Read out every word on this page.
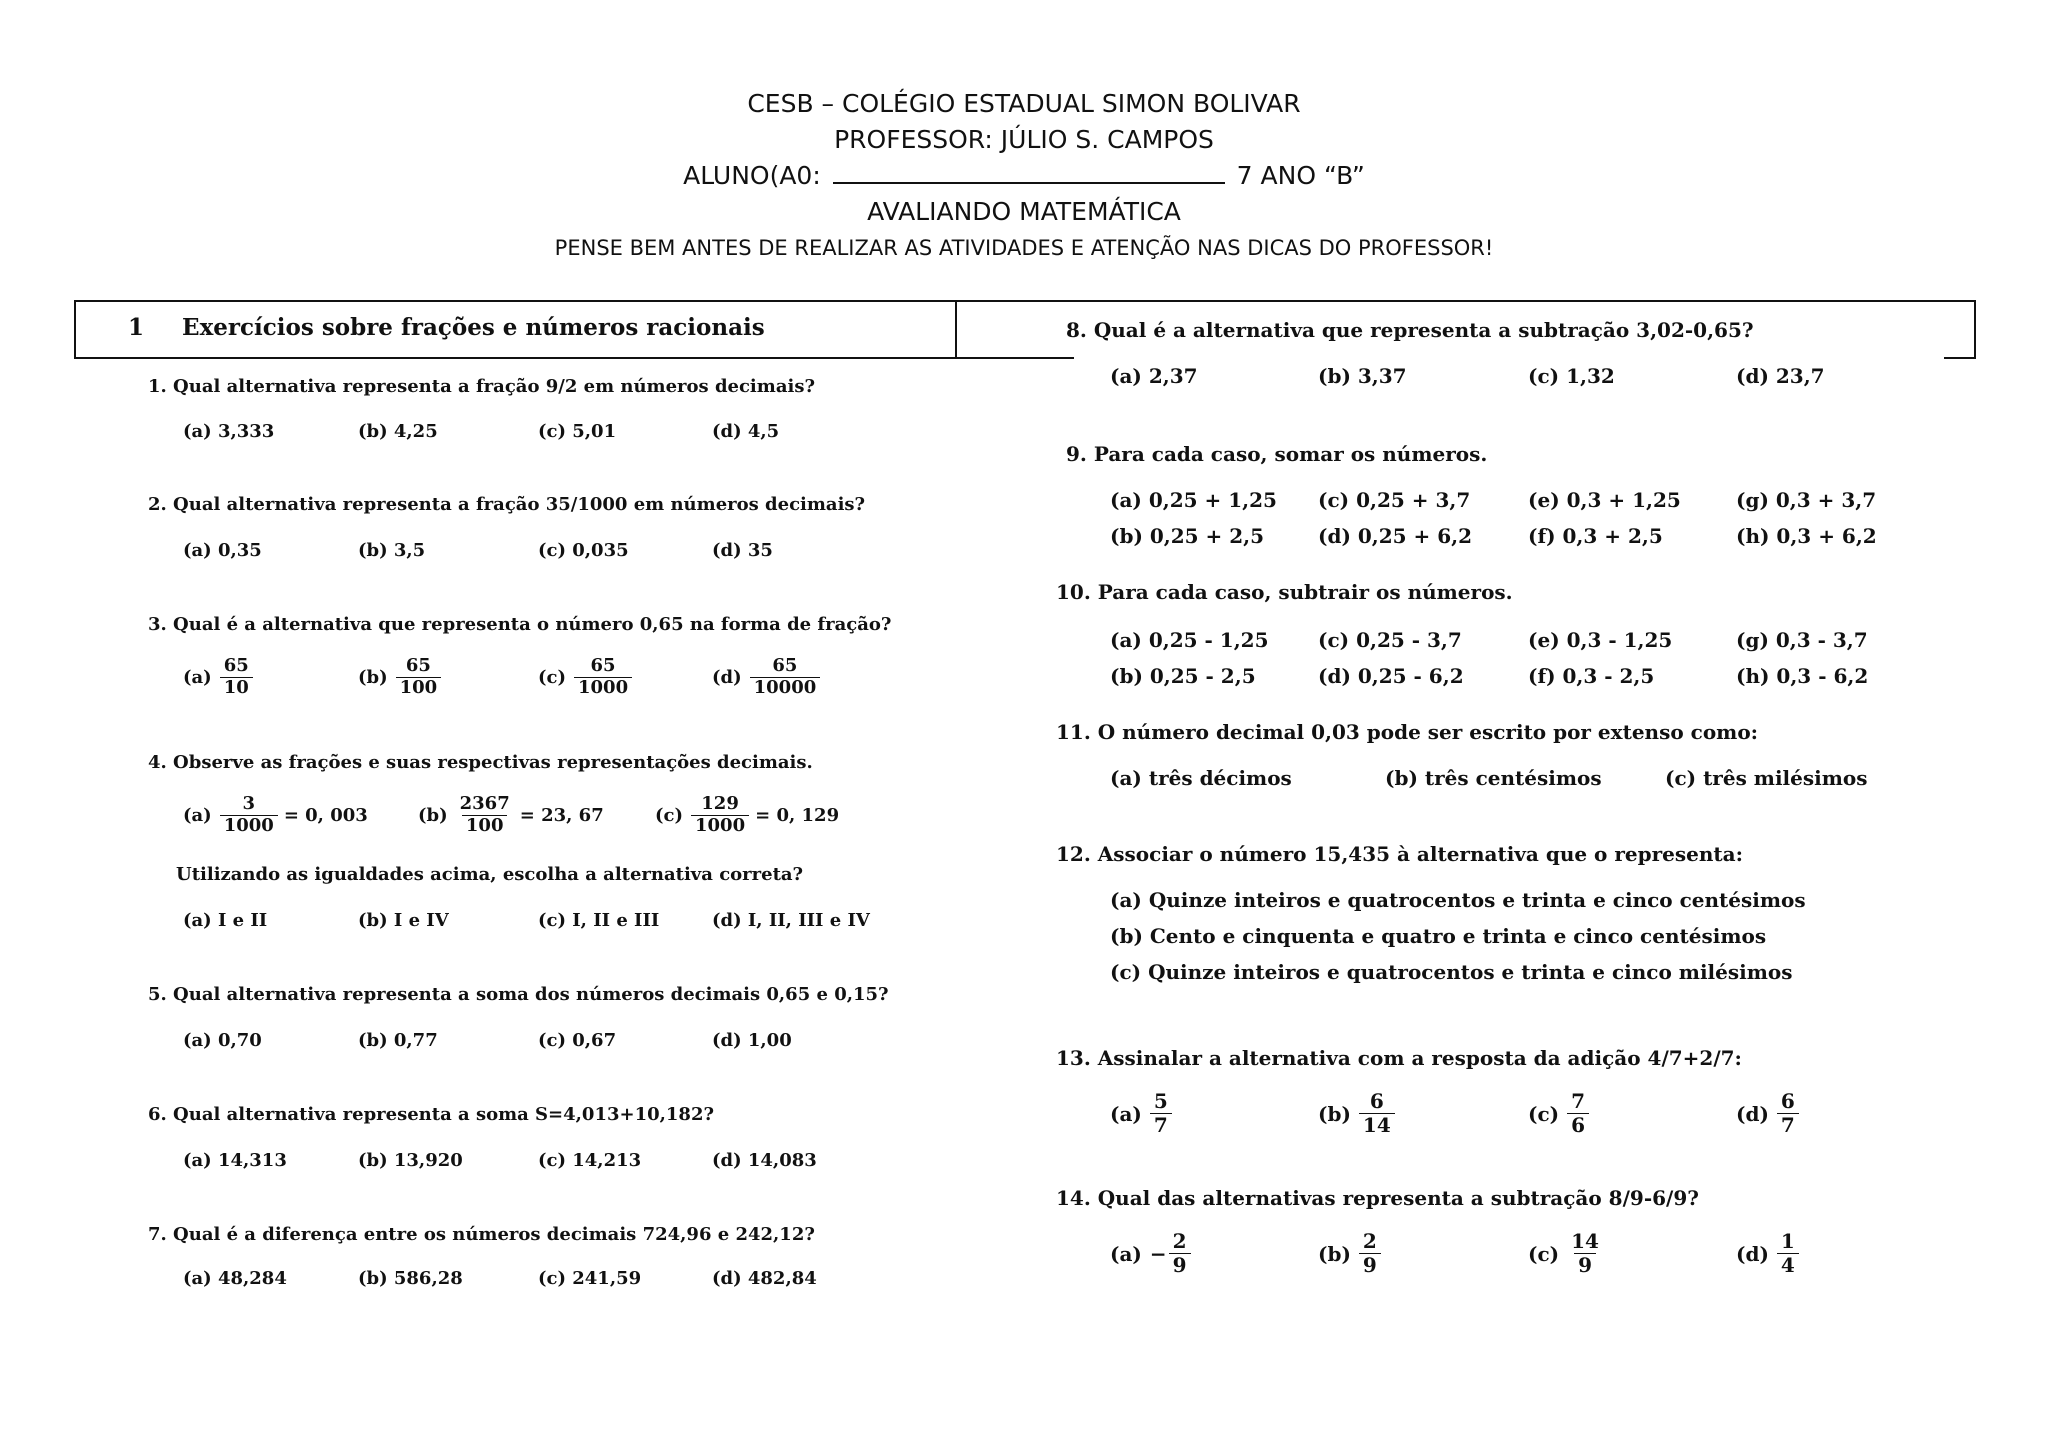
CESB – COLÉGIO ESTADUAL SIMON BOLIVAR
PROFESSOR: JÚLIO S. CAMPOS
ALUNO(A0:	7 ANO “B”
AVALIANDO MATEMÁTICA
PENSE BEM ANTES DE REALIZAR AS ATIVIDADES E ATENÇÃO NAS DICAS DO PROFESSOR!
1 Exercícios sobre frações e números racionais
1. Qual alternativa representa a fração 9/2 em números decimais?
(a) 3,333	(b) 4,25	(c) 5,01	(d) 4,5
2. Qual alternativa representa a fração 35/1000 em números decimais?
(a) 0,35	(b) 3,5	(c) 0,035	(d) 35
3. Qual é a alternativa que representa o número 0,65 na forma de fração?
$(a) \frac{65}{10}$	$(b) \frac{65}{100}$	$(c) \frac{65}{1000}$	$(d) \frac{65}{10000}$
4. Observe as frações e suas respectivas representações decimais.
$(a) \frac{3}{1000} = 0$, 003	$(b) \frac{2367}{100} = 23$, 67	$(c) \frac{129}{1000} = 0$, 129
Utilizando as igualdades acima, escolha a alternativa correta?
(a) I e II	(b) I e IV	(c) I, II e III	(d) I, II, III e IV
5. Qual alternativa representa a soma dos números decimais 0,65 e 0,15?
(a) 0,70	(b) 0,77	(c) 0,67	(d) 1,00
6. Qual alternativa representa a soma S=4,013+10,182?
(a) 14,313	(b) 13,920	(c) 14,213	(d) 14,083
7. Qual é a diferença entre os números decimais 724,96 e 242,12?
(a) 48,284	(b) 586,28	(c) 241,59	(d) 482,84
8. Qual é a alternativa que representa a subtração 3,02-0,65?
(a) 2,37	(b) 3,37	(c) 1,32	(d) 23,7
9. Para cada caso, somar os números.
(a) 0,25 + 1,25 (c) 0,25 + 3,7	(e) 0,3 + 1,25	(g) 0,3 + 3,7
(b) 0,25 + 2,5	(d) 0,25 + 6,2	(f) 0,3 + 2,5	(h) 0,3 + 6,2
10. Para cada caso, subtrair os números.
(a) 0,25 - 1,25 (c) 0,25 - 3,7	(e) 0,3 - 1,25	(g) 0,3 - 3,7
(b) 0,25 - 2,5	(d) 0,25 - 6,2	(f) 0,3 - 2,5	(h) 0,3 - 6,2
11. O número decimal 0,03 pode ser escrito por extenso como:
(a) três décimos	(b) três centésimos	(c) três milésimos
12. Associar o número 15,435 à alternativa que o representa:
(a) Quinze inteiros e quatrocentos e trinta e cinco centésimos
(b) Cento e cinquenta e quatro e trinta e cinco centésimos
(c) Quinze inteiros e quatrocentos e trinta e cinco milésimos
13. Assinalar a alternativa com a resposta da adição 4/7+2/7:
$(a) \frac{5}{7}$	$(b) \frac{6}{14}$	$(c) \frac{7}{6}$	$(d) \frac{6}{7}$
14. Qual das alternativas representa a subtração 8/9-6/9?
$(a) - \frac{2}{9}$	$(b) \frac{2}{9}$	$(c) \frac{14}{9}$	$(d) \frac{1}{4}$
